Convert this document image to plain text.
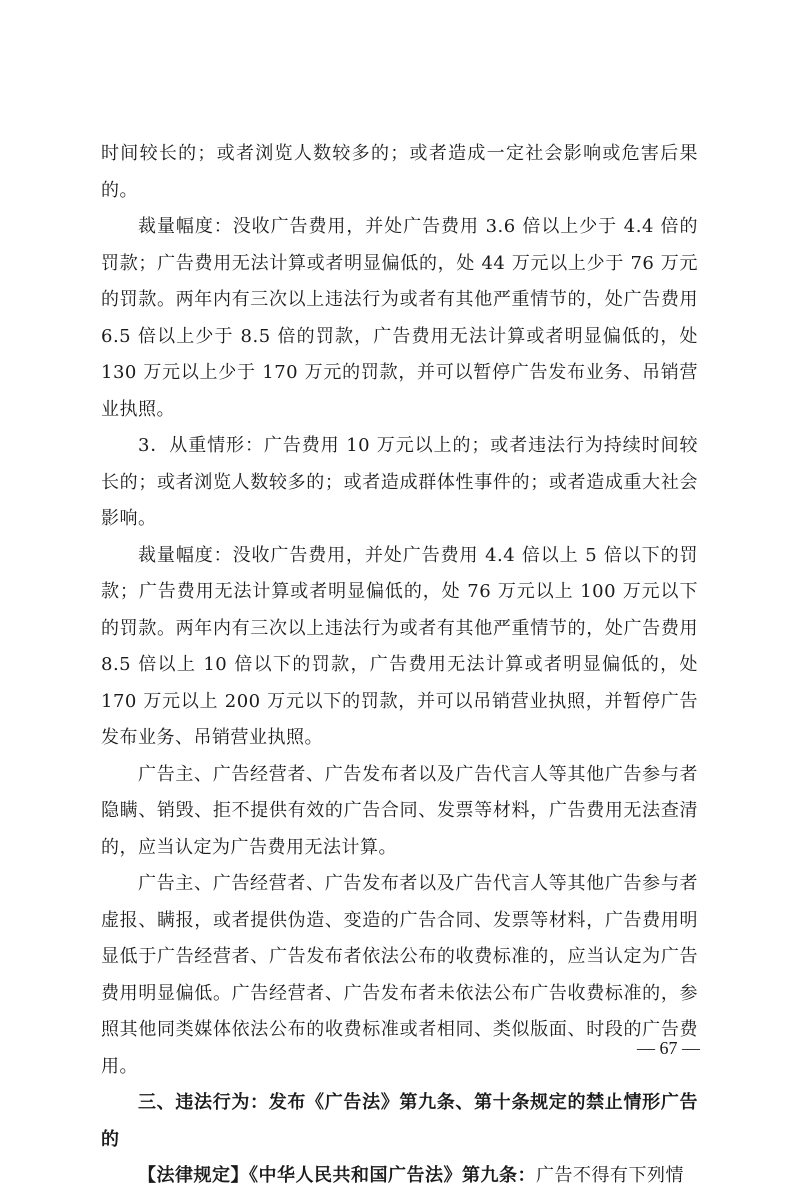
时间较长的；或者浏览人数较多的；或者造成一定社会影响或危害后果的。

裁量幅度：没收广告费用，并处广告费用 3.6 倍以上少于 4.4 倍的罚款；广告费用无法计算或者明显偏低的，处 44 万元以上少于 76 万元的罚款。两年内有三次以上违法行为或者有其他严重情节的，处广告费用 6.5 倍以上少于 8.5 倍的罚款，广告费用无法计算或者明显偏低的，处 130 万元以上少于 170 万元的罚款，并可以暂停广告发布业务、吊销营业执照。

3．从重情形：广告费用 10 万元以上的；或者违法行为持续时间较长的；或者浏览人数较多的；或者造成群体性事件的；或者造成重大社会影响。

裁量幅度：没收广告费用，并处广告费用 4.4 倍以上 5 倍以下的罚款；广告费用无法计算或者明显偏低的，处 76 万元以上 100 万元以下的罚款。两年内有三次以上违法行为或者有其他严重情节的，处广告费用 8.5 倍以上 10 倍以下的罚款，广告费用无法计算或者明显偏低的，处 170 万元以上 200 万元以下的罚款，并可以吊销营业执照，并暂停广告发布业务、吊销营业执照。

广告主、广告经营者、广告发布者以及广告代言人等其他广告参与者隐瞒、销毁、拒不提供有效的广告合同、发票等材料，广告费用无法查清的，应当认定为广告费用无法计算。

广告主、广告经营者、广告发布者以及广告代言人等其他广告参与者虚报、瞒报，或者提供伪造、变造的广告合同、发票等材料，广告费用明显低于广告经营者、广告发布者依法公布的收费标准的，应当认定为广告费用明显偏低。广告经营者、广告发布者未依法公布广告收费标准的，参照其他同类媒体依法公布的收费标准或者相同、类似版面、时段的广告费用。

三、违法行为：发布《广告法》第九条、第十条规定的禁止情形广告的

【法律规定】《中华人民共和国广告法》第九条：广告不得有下列情

— 67 —
